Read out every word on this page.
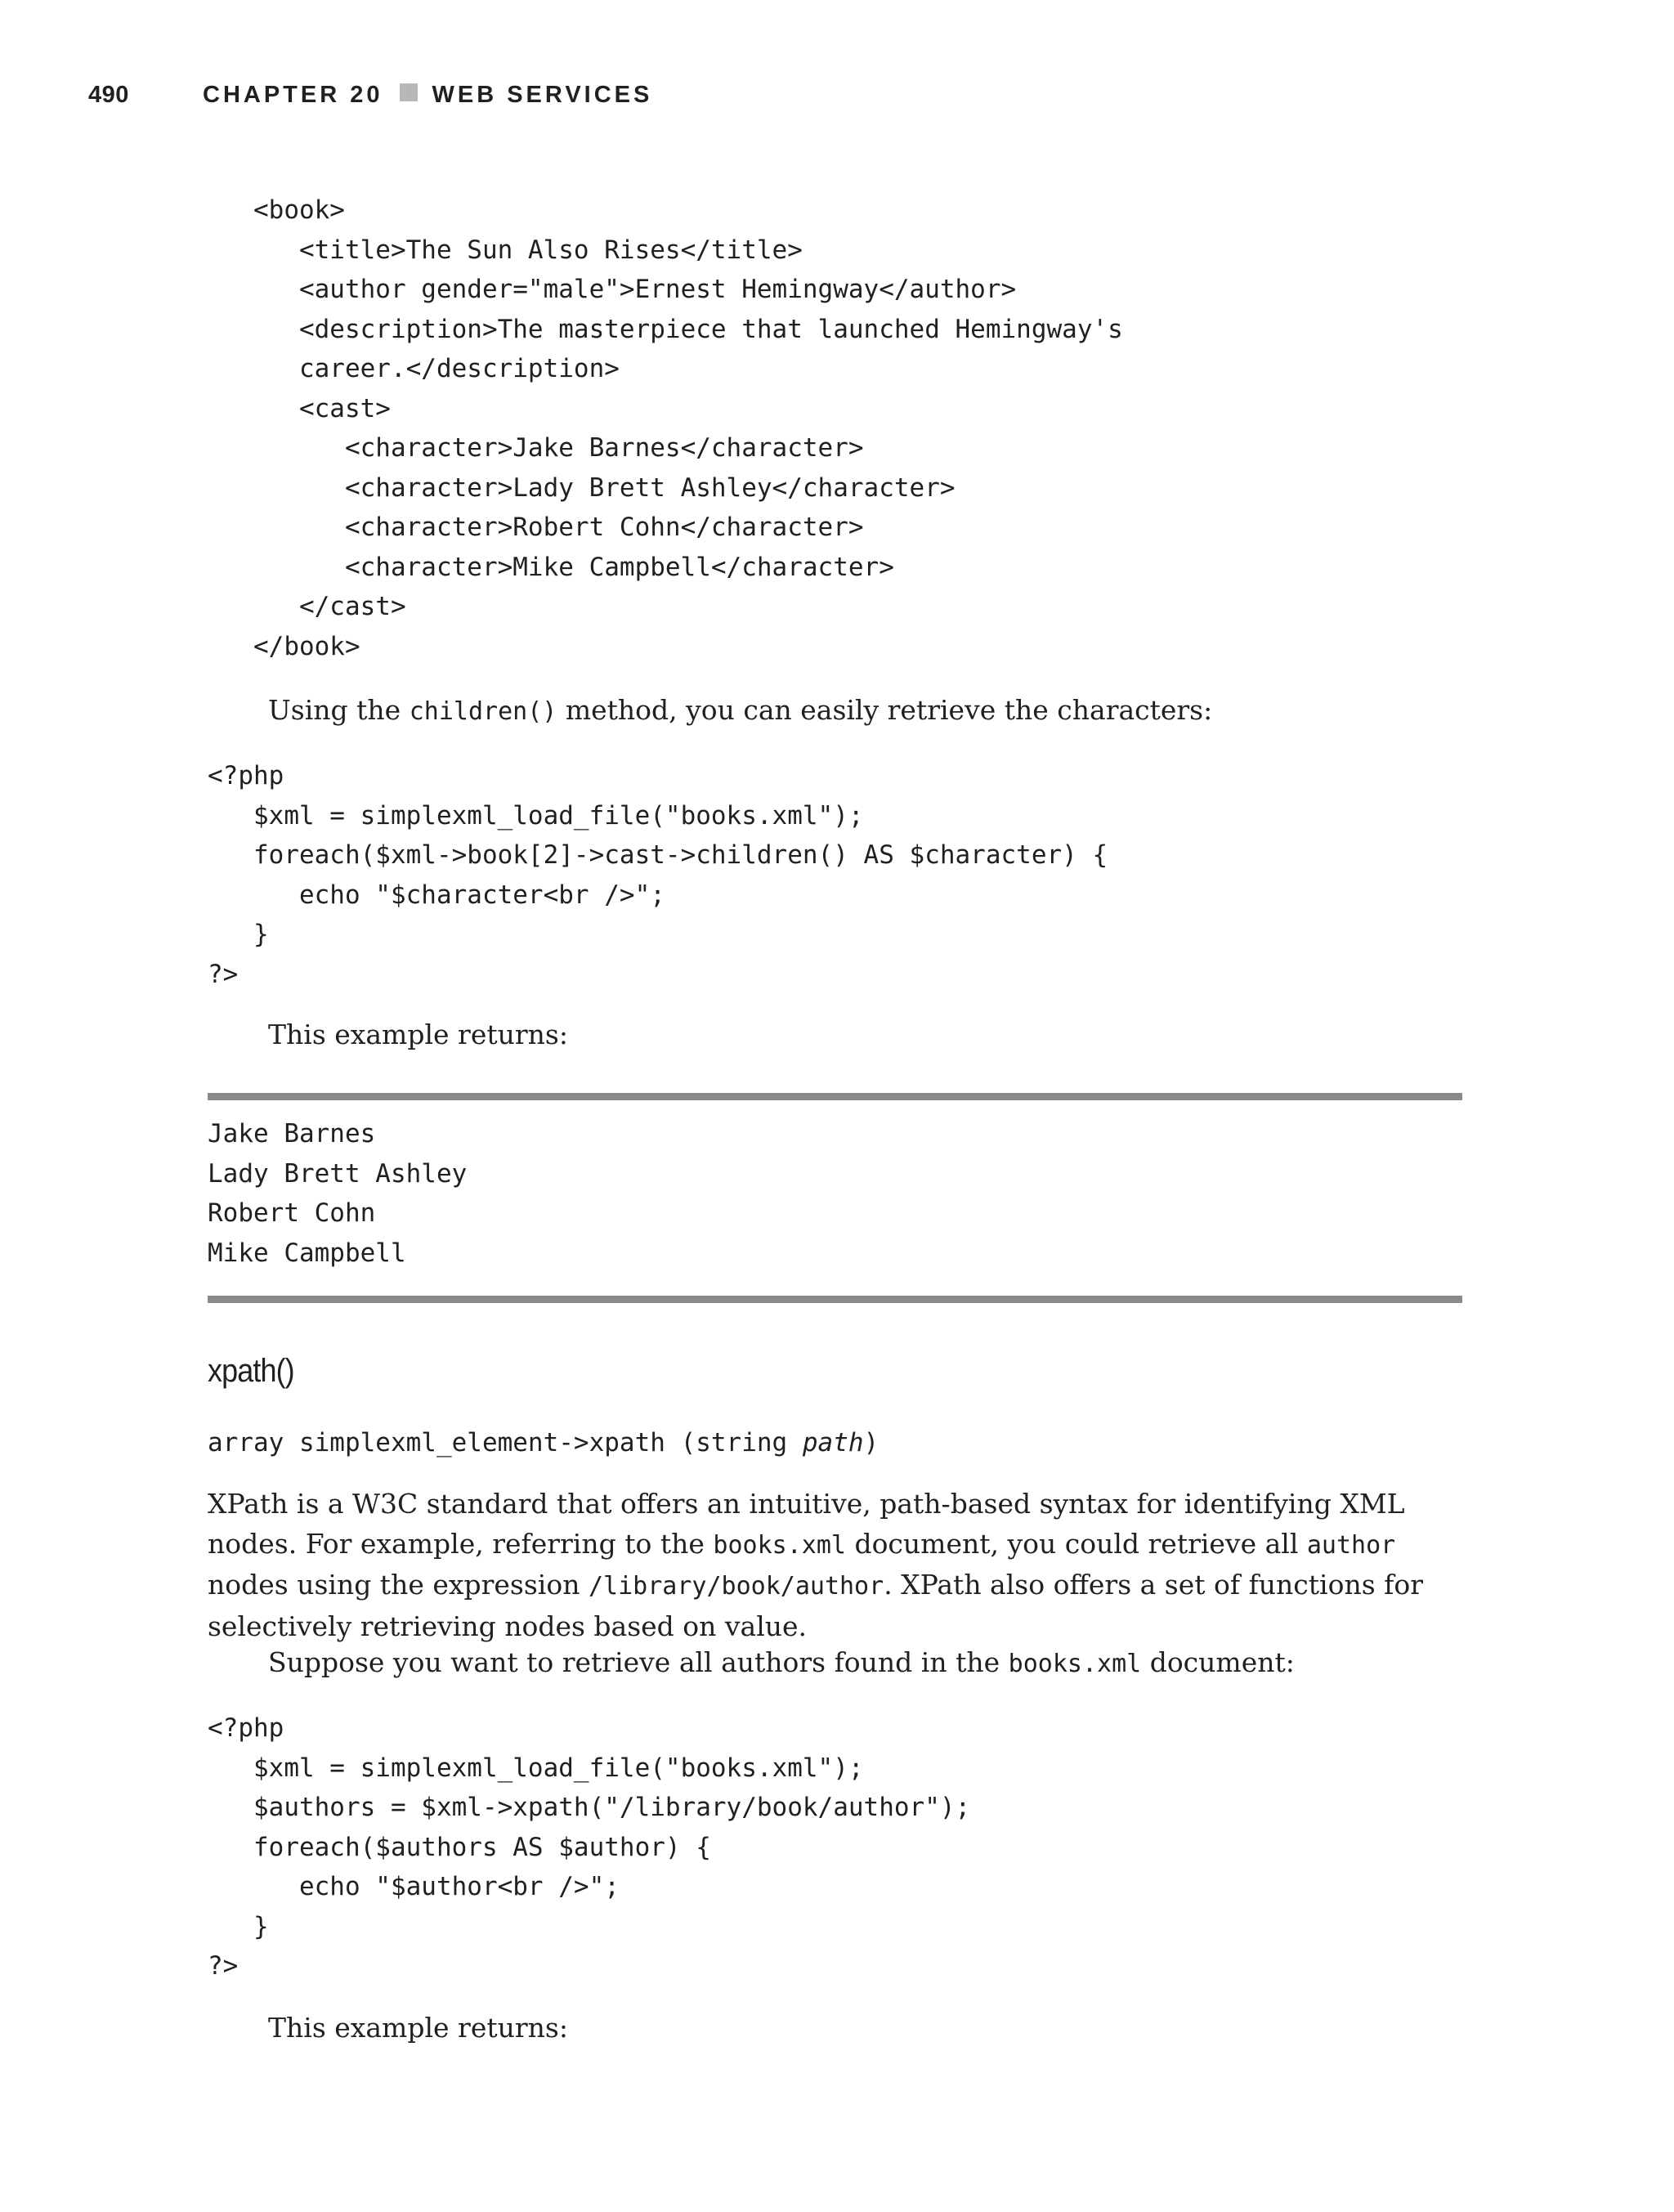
490	CHAPTER 20 WEB SERVICES
<book>
<title>The Sun Also Rises</title>
<author gender="male">Ernest Hemingway</author>
<description>The masterpiece that launched Hemingway's
career.</description>
<cast>
<character>Jake Barnes</character>
<character>Lady Brett Ashley</character>
<character>Robert Cohn</character>
<character>Mike Campbell</character>
</cast>
</book>

Using the children() method, you can easily retrieve the characters:

<?php
$xml = simplexml_load_file("books.xml");
foreach($xml->book[2]->cast->children() AS $character) {
echo "$character<br />";
}
?>

This example returns:

Jake Barnes
Lady Brett Ashley
Robert Cohn
Mike Campbell
xpath()
array simplexml_element->xpath (string path)

XPath is a W3C standard that offers an intuitive, path-based syntax for identifying XML nodes. For example, referring to the books.xml document, you could retrieve all author nodes using the expression /library/book/author. XPath also offers a set of functions for selectively retrieving nodes based on value.

Suppose you want to retrieve all authors found in the books.xml document:

<?php
$xml = simplexml_load_file("books.xml");
$authors = $xml->xpath("/library/book/author");
foreach($authors AS $author) {
echo "$author<br />";
}
?>

This example returns:
